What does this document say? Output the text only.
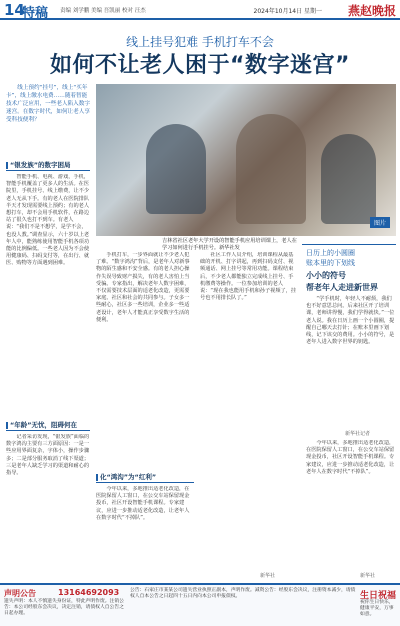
14
特稿 责编 刘学鹏 美编 吾凯丽 校对 汪杰	2024年10月14日 星期一 燕赵晚报
线上挂号犯难 手机打车不会
如何不让老人困于“数字迷宫”
线上预约“挂号”，线上“买年卡”，线上缴水电费……随着智能技术广泛应用，一些老人陷入数字迷宫。在数字时代，如何让老人享受科技便利？
图片
吉林省社区老年大学开设的智能手机应用培训课上，老人在学习如何进行手机挂号。新华社发
日历上的小圆圈
账本里的下划线
小小的符号
帮老年人走进新世界
“学手机时，年轻人不耐烦，我们也不好意思总问。后来社区开了培训课，老师讲得慢，我们学得就快。”一位老人说。我在日历上画一个小圆圈，提醒自己哪天去打针；在账本里画下划线，记下该交的费用。小小的符号，是老年人进入数字世界的钥匙。
新华社记者
“银发族”的数字困局
智能手机、电视、游戏，手机，智能手机覆盖了更多人的生活。在医院里，手机挂号、线上缴费，让不少老人无从下手。有的老人在医院排队半天才发现需要线上预约；有的老人想打车，却不会用手机软件，在路边站了很久也打不到车。有老人说：“我们不是不想学，是学不会，也没人教。”调查显示，六十岁以上老年人中，能熟练使用智能手机各项功能的比例偏低。一些老人因为不会使用健康码、扫码支付等，在出行、就医、购物等方面遇到困难。
“年龄”无忧，阻碍何在
记者采访发现，“银发族”面临的数字鸿沟主要有三方面原因：一是一些应用界面复杂，字体小，操作步骤多；二是部分服务取消了线下渠道；三是老年人缺乏学习的渠道和耐心的指导。
手机打车，一步界面就让不少老人犯了难。“数字鸿沟”背后，是老年人对新事物的陌生感和不安全感。有的老人担心操作失误导致财产损失，有的老人害怕上当受骗。专家指出，解决老年人数字困难，不仅需要技术层面的适老化改造，更需要家庭、社区和社会的共同参与。子女多一些耐心，社区多一些培训，企业多一些适老设计，老年人才能真正享受数字生活的便利。
化“鸿沟”为“红利”
今年以来，多地推出适老化改造，在医院保留人工窗口，在公交车站保留现金投币，社区开设智能手机课程。专家建议，应进一步推动适老化改造，让老年人在数字时代“不掉队”。
社区工作人员介绍，培训课程从最基础的开机、打字讲起，再到扫码支付、视频通话、网上挂号等常用功能。课程结束后，不少老人都能独立完成线上挂号、手机缴费等操作。一位参加培训的老人说：“现在我也能用手机和孙子视频了，挂号也不用排长队了。”
新华社
今年以来，多地推出适老化改造，在医院保留人工窗口，在公交车站保留现金投币，社区开设智能手机课程。专家建议，应进一步推动适老化改造，让老年人在数字时代“不掉队”。
新华社
声明公告	13164692093
遗失声明：本人不慎遗失身份证，特此声明作废。注销公告：本公司经股东会决议，决定注销，请债权人自公告之日起办理。
公告：石家庄市某某公司遗失营业执照正副本，声明作废。减资公告：经股东会决议，注册资本减少，请债权人自本公告之日起四十五日内向本公司申报债权。	生日祝福
祝你生日快乐，健康平安，万事如意。
